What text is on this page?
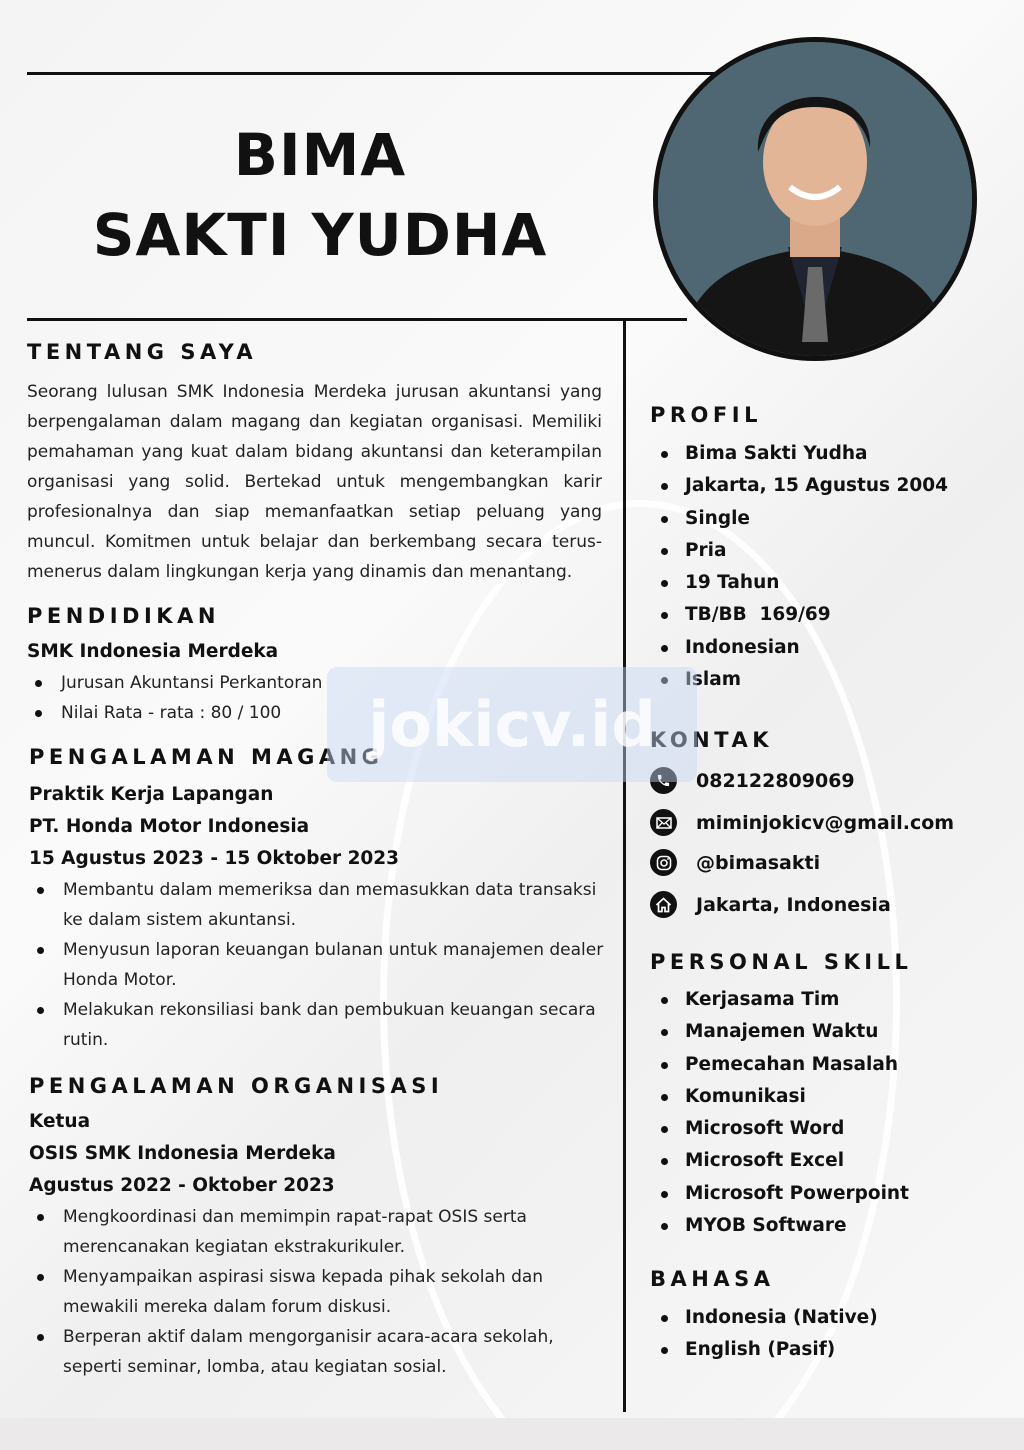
BIMA
SAKTI YUDHA
TENTANG SAYA

Seorang lulusan SMK Indonesia Merdeka jurusan akuntansi yang berpengalaman dalam magang dan kegiatan organisasi. Memiliki pemahaman yang kuat dalam bidang akuntansi dan keterampilan organisasi yang solid. Bertekad untuk mengembangkan karir profesionalnya dan siap memanfaatkan setiap peluang yang muncul. Komitmen untuk belajar dan berkembang secara terus-menerus dalam lingkungan kerja yang dinamis dan menantang.

PENDIDIKAN
SMK Indonesia Merdeka
Jurusan Akuntansi Perkantoran
Nilai Rata - rata : 80 / 100
PENGALAMAN MAGANG
Praktik Kerja Lapangan
PT. Honda Motor Indonesia
15 Agustus 2023 - 15 Oktober 2023
Membantu dalam memeriksa dan memasukkan data transaksi ke dalam sistem akuntansi.
Menyusun laporan keuangan bulanan untuk manajemen dealer Honda Motor.
Melakukan rekonsiliasi bank dan pembukuan keuangan secara rutin.
PENGALAMAN ORGANISASI
Ketua
OSIS SMK Indonesia Merdeka
Agustus 2022 - Oktober 2023
Mengkoordinasi dan memimpin rapat-rapat OSIS serta merencanakan kegiatan ekstrakurikuler.
Menyampaikan aspirasi siswa kepada pihak sekolah dan mewakili mereka dalam forum diskusi.
Berperan aktif dalam mengorganisir acara-acara sekolah, seperti seminar, lomba, atau kegiatan sosial.
PROFIL
Bima Sakti Yudha
Jakarta, 15 Agustus 2004
Single
Pria
19 Tahun
TB/BB  169/69
Indonesian
Islam
KONTAK
082122809069
miminjokicv@gmail.com
@bimasakti
Jakarta, Indonesia
PERSONAL SKILL
Kerjasama Tim
Manajemen Waktu
Pemecahan Masalah
Komunikasi
Microsoft Word
Microsoft Excel
Microsoft Powerpoint
MYOB Software
BAHASA
Indonesia (Native)
English (Pasif)
jokicv.id
